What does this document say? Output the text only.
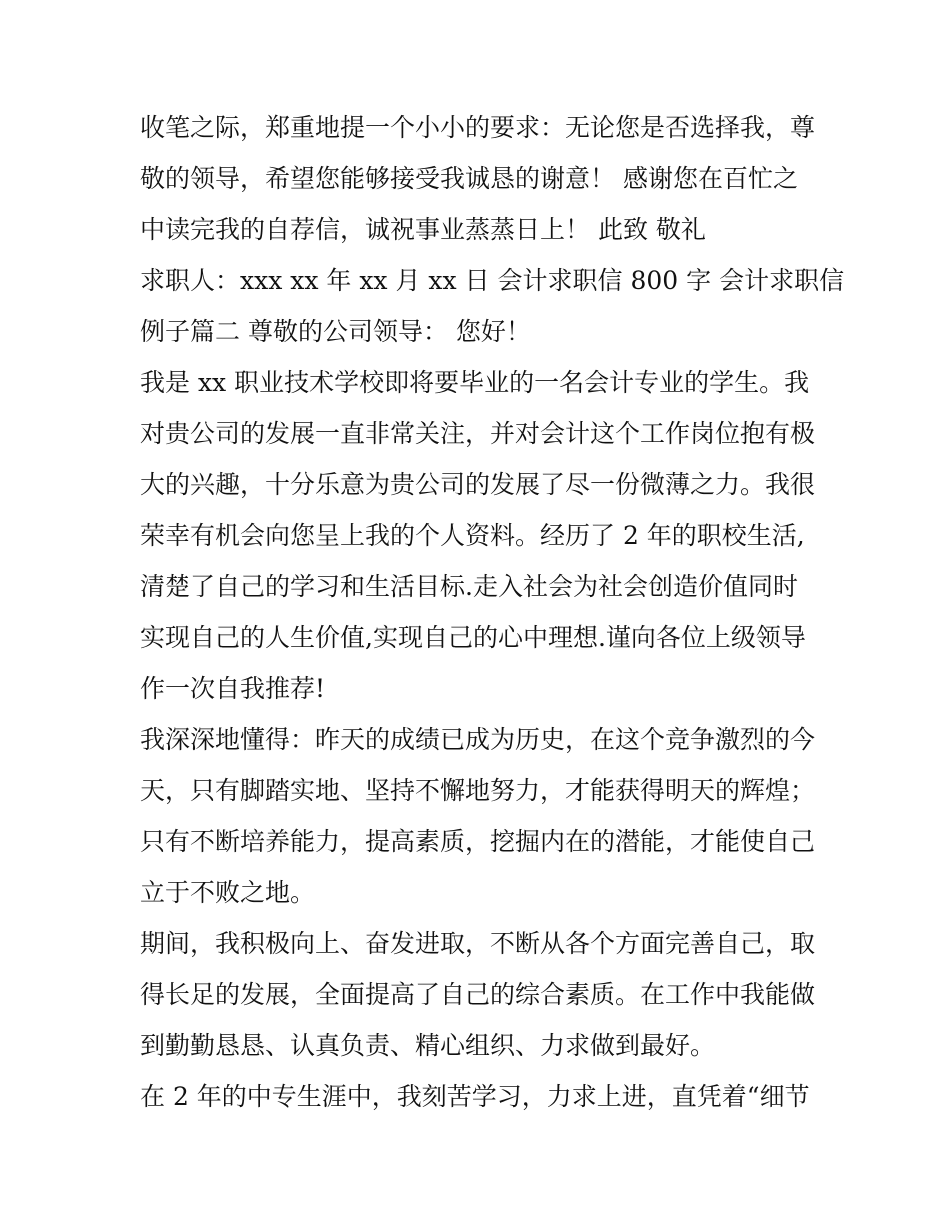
收笔之际，郑重地提一个小小的要求：无论您是否选择我，尊
敬的领导，希望您能够接受我诚恳的谢意！ 感谢您在百忙之
中读完我的自荐信，诚祝事业蒸蒸日上！ 此致 敬礼
求职人：xxx xx 年 xx 月 xx 日 会计求职信 800 字 会计求职信
例子篇二 尊敬的公司领导： 您好！
我是 xx 职业技术学校即将要毕业的一名会计专业的学生。我
对贵公司的发展一直非常关注，并对会计这个工作岗位抱有极
大的兴趣，十分乐意为贵公司的发展了尽一份微薄之力。我很
荣幸有机会向您呈上我的个人资料。经历了 2 年的职校生活,
清楚了自己的学习和生活目标.走入社会为社会创造价值同时
实现自己的人生价值,实现自己的心中理想.谨向各位上级领导
作一次自我推荐!
我深深地懂得：昨天的成绩已成为历史，在这个竞争激烈的今
天，只有脚踏实地、坚持不懈地努力，才能获得明天的辉煌；
只有不断培养能力，提高素质，挖掘内在的潜能，才能使自己
立于不败之地。
期间，我积极向上、奋发进取，不断从各个方面完善自己，取
得长足的发展，全面提高了自己的综合素质。在工作中我能做
到勤勤恳恳、认真负责、精心组织、力求做到最好。
在 2 年的中专生涯中，我刻苦学习，力求上进，直凭着“细节
